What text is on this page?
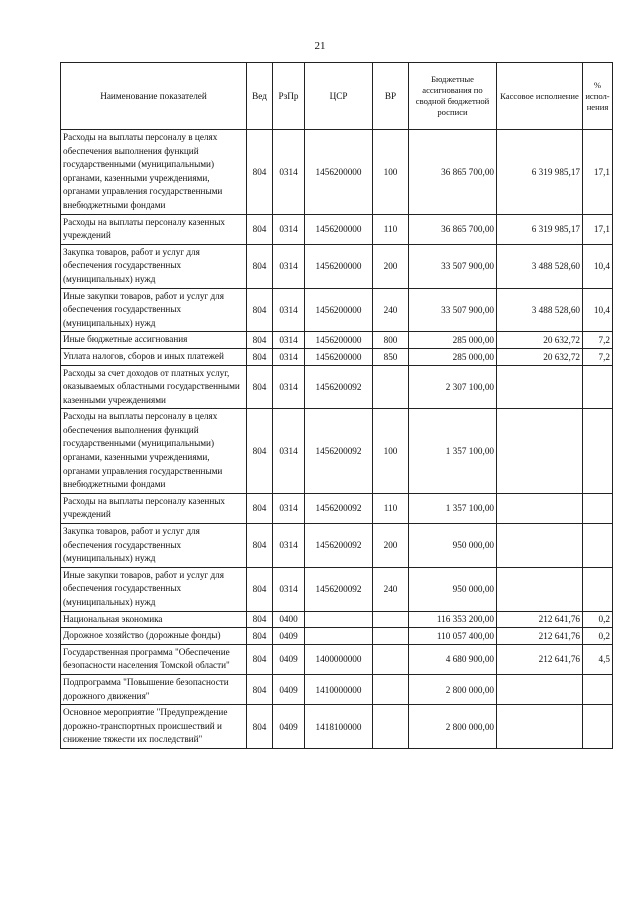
21
Наименование показателей	Вед	РзПр	ЦСР	ВР	Бюджетные ассигнования по сводной бюджетной росписи	Кассовое исполнение	% испол- нения
Расходы на выплаты персоналу в целях обеспечения выполнения функций государственными (муниципальными) органами, казенными учреждениями, органами управления государственными внебюджетными фондами	804	0314	1456200000	100	36 865 700,00	6 319 985,17	17,1
Расходы на выплаты персоналу казенных учреждений	804	0314	1456200000	110	36 865 700,00	6 319 985,17	17,1
Закупка товаров, работ и услуг для обеспечения государственных (муниципальных) нужд	804	0314	1456200000	200	33 507 900,00	3 488 528,60	10,4
Иные закупки товаров, работ и услуг для обеспечения государственных (муниципальных) нужд	804	0314	1456200000	240	33 507 900,00	3 488 528,60	10,4
Иные бюджетные ассигнования	804	0314	1456200000	800	285 000,00	20 632,72	7,2
Уплата налогов, сборов и иных платежей	804	0314	1456200000	850	285 000,00	20 632,72	7,2
Расходы за счет доходов от платных услуг, оказываемых областными государственными казенными учреждениями	804	0314	1456200092		2 307 100,00		
Расходы на выплаты персоналу в целях обеспечения выполнения функций государственными (муниципальными) органами, казенными учреждениями, органами управления государственными внебюджетными фондами	804	0314	1456200092	100	1 357 100,00		
Расходы на выплаты персоналу казенных учреждений	804	0314	1456200092	110	1 357 100,00		
Закупка товаров, работ и услуг для обеспечения государственных (муниципальных) нужд	804	0314	1456200092	200	950 000,00		
Иные закупки товаров, работ и услуг для обеспечения государственных (муниципальных) нужд	804	0314	1456200092	240	950 000,00		
Национальная экономика	804	0400			116 353 200,00	212 641,76	0,2
Дорожное хозяйство (дорожные фонды)	804	0409			110 057 400,00	212 641,76	0,2
Государственная программа "Обеспечение безопасности населения Томской области"	804	0409	1400000000		4 680 900,00	212 641,76	4,5
Подпрограмма "Повышение безопасности дорожного движения"	804	0409	1410000000		2 800 000,00		
Основное мероприятие "Предупреждение дорожно-транспортных происшествий и снижение тяжести их последствий"	804	0409	1418100000		2 800 000,00		
